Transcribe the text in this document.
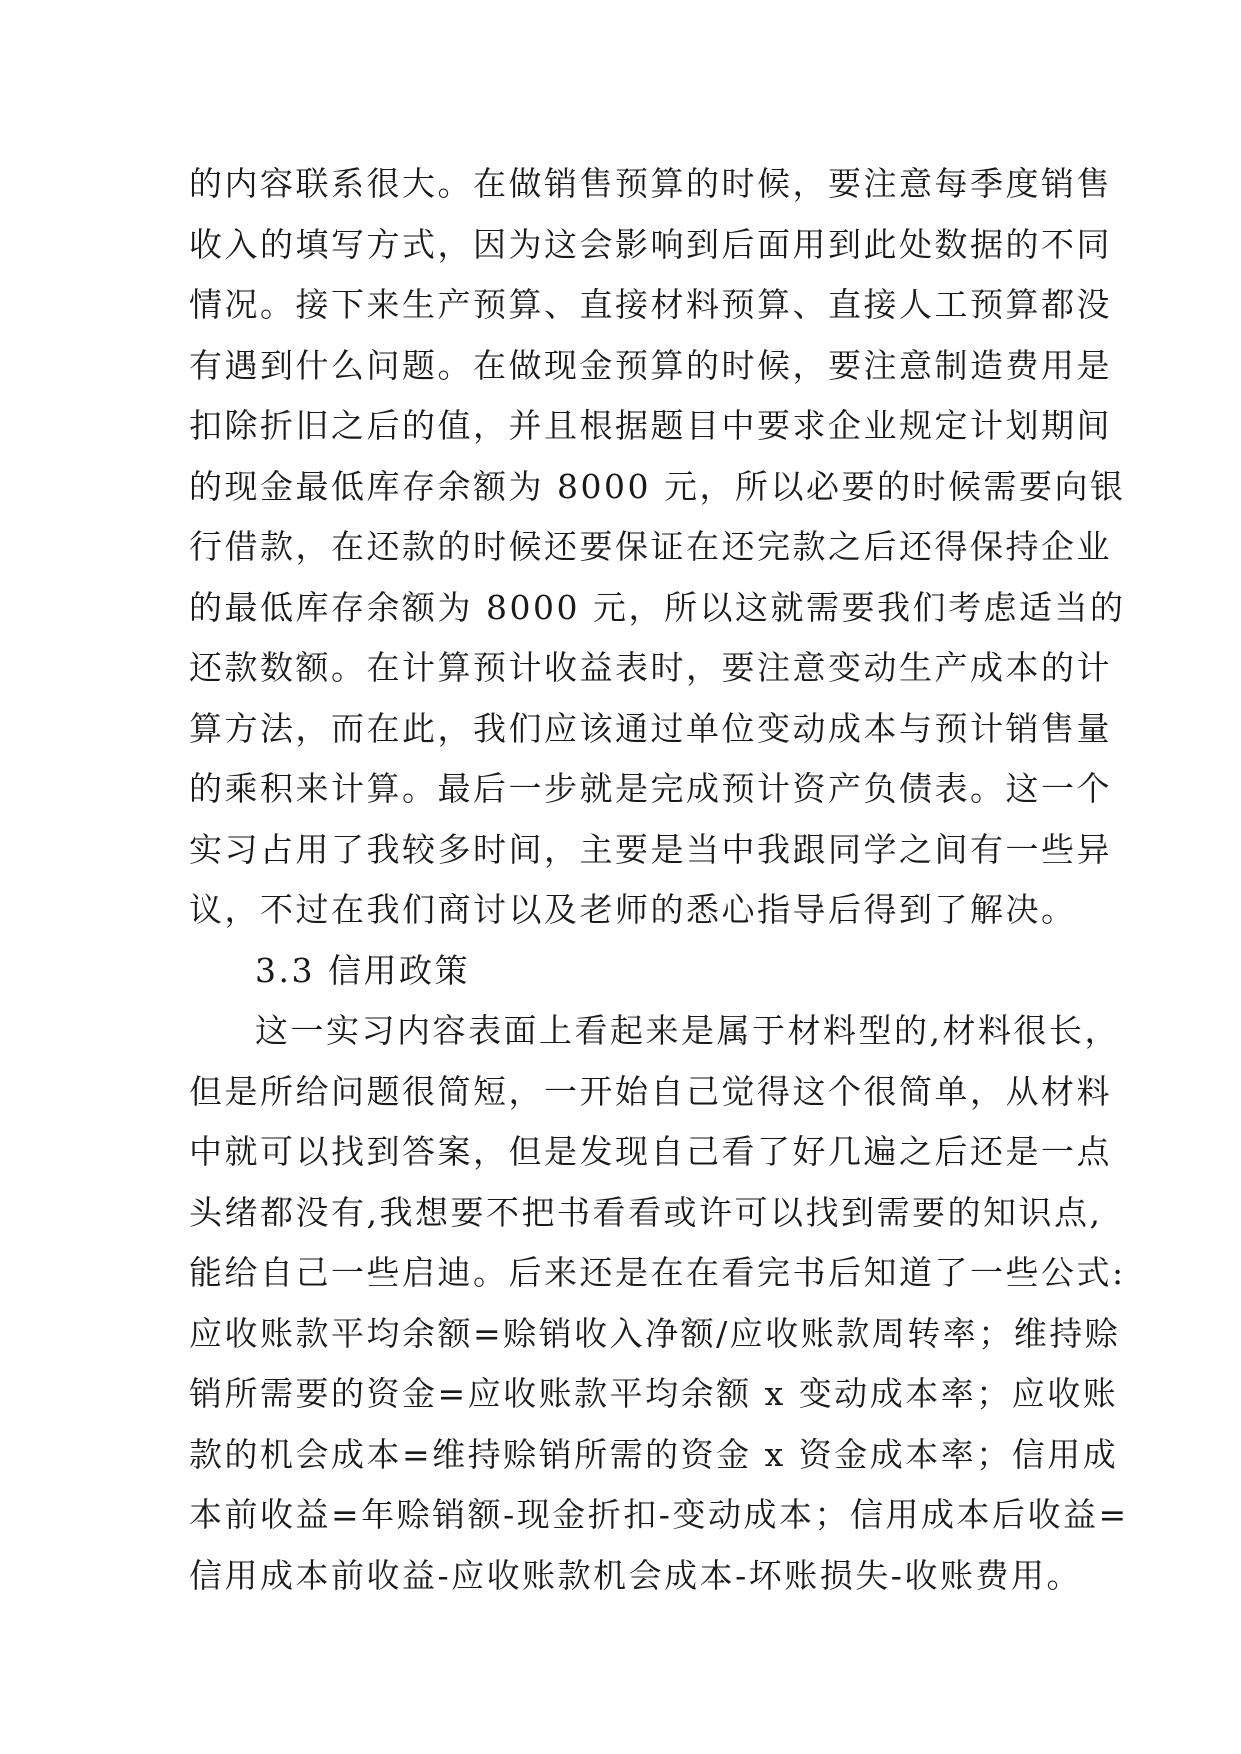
的内容联系很大。在做销售预算的时候，要注意每季度销售
收入的填写方式，因为这会影响到后面用到此处数据的不同
情况。接下来生产预算、直接材料预算、直接人工预算都没
有遇到什么问题。在做现金预算的时候，要注意制造费用是
扣除折旧之后的值，并且根据题目中要求企业规定计划期间
的现金最低库存余额为 8000 元，所以必要的时候需要向银
行借款，在还款的时候还要保证在还完款之后还得保持企业
的最低库存余额为 8000 元，所以这就需要我们考虑适当的
还款数额。在计算预计收益表时，要注意变动生产成本的计
算方法，而在此，我们应该通过单位变动成本与预计销售量
的乘积来计算。最后一步就是完成预计资产负债表。这一个
实习占用了我较多时间，主要是当中我跟同学之间有一些异
议，不过在我们商讨以及老师的悉心指导后得到了解决。
3.3 信用政策
这一实习内容表面上看起来是属于材料型的,材料很长，
但是所给问题很简短，一开始自己觉得这个很简单，从材料
中就可以找到答案，但是发现自己看了好几遍之后还是一点
头绪都没有,我想要不把书看看或许可以找到需要的知识点,
能给自己一些启迪。后来还是在在看完书后知道了一些公式:
应收账款平均余额=赊销收入净额/应收账款周转率；维持赊
销所需要的资金=应收账款平均余额 x 变动成本率；应收账
款的机会成本=维持赊销所需的资金 x 资金成本率；信用成
本前收益=年赊销额-现金折扣-变动成本；信用成本后收益=
信用成本前收益-应收账款机会成本-坏账损失-收账费用。
